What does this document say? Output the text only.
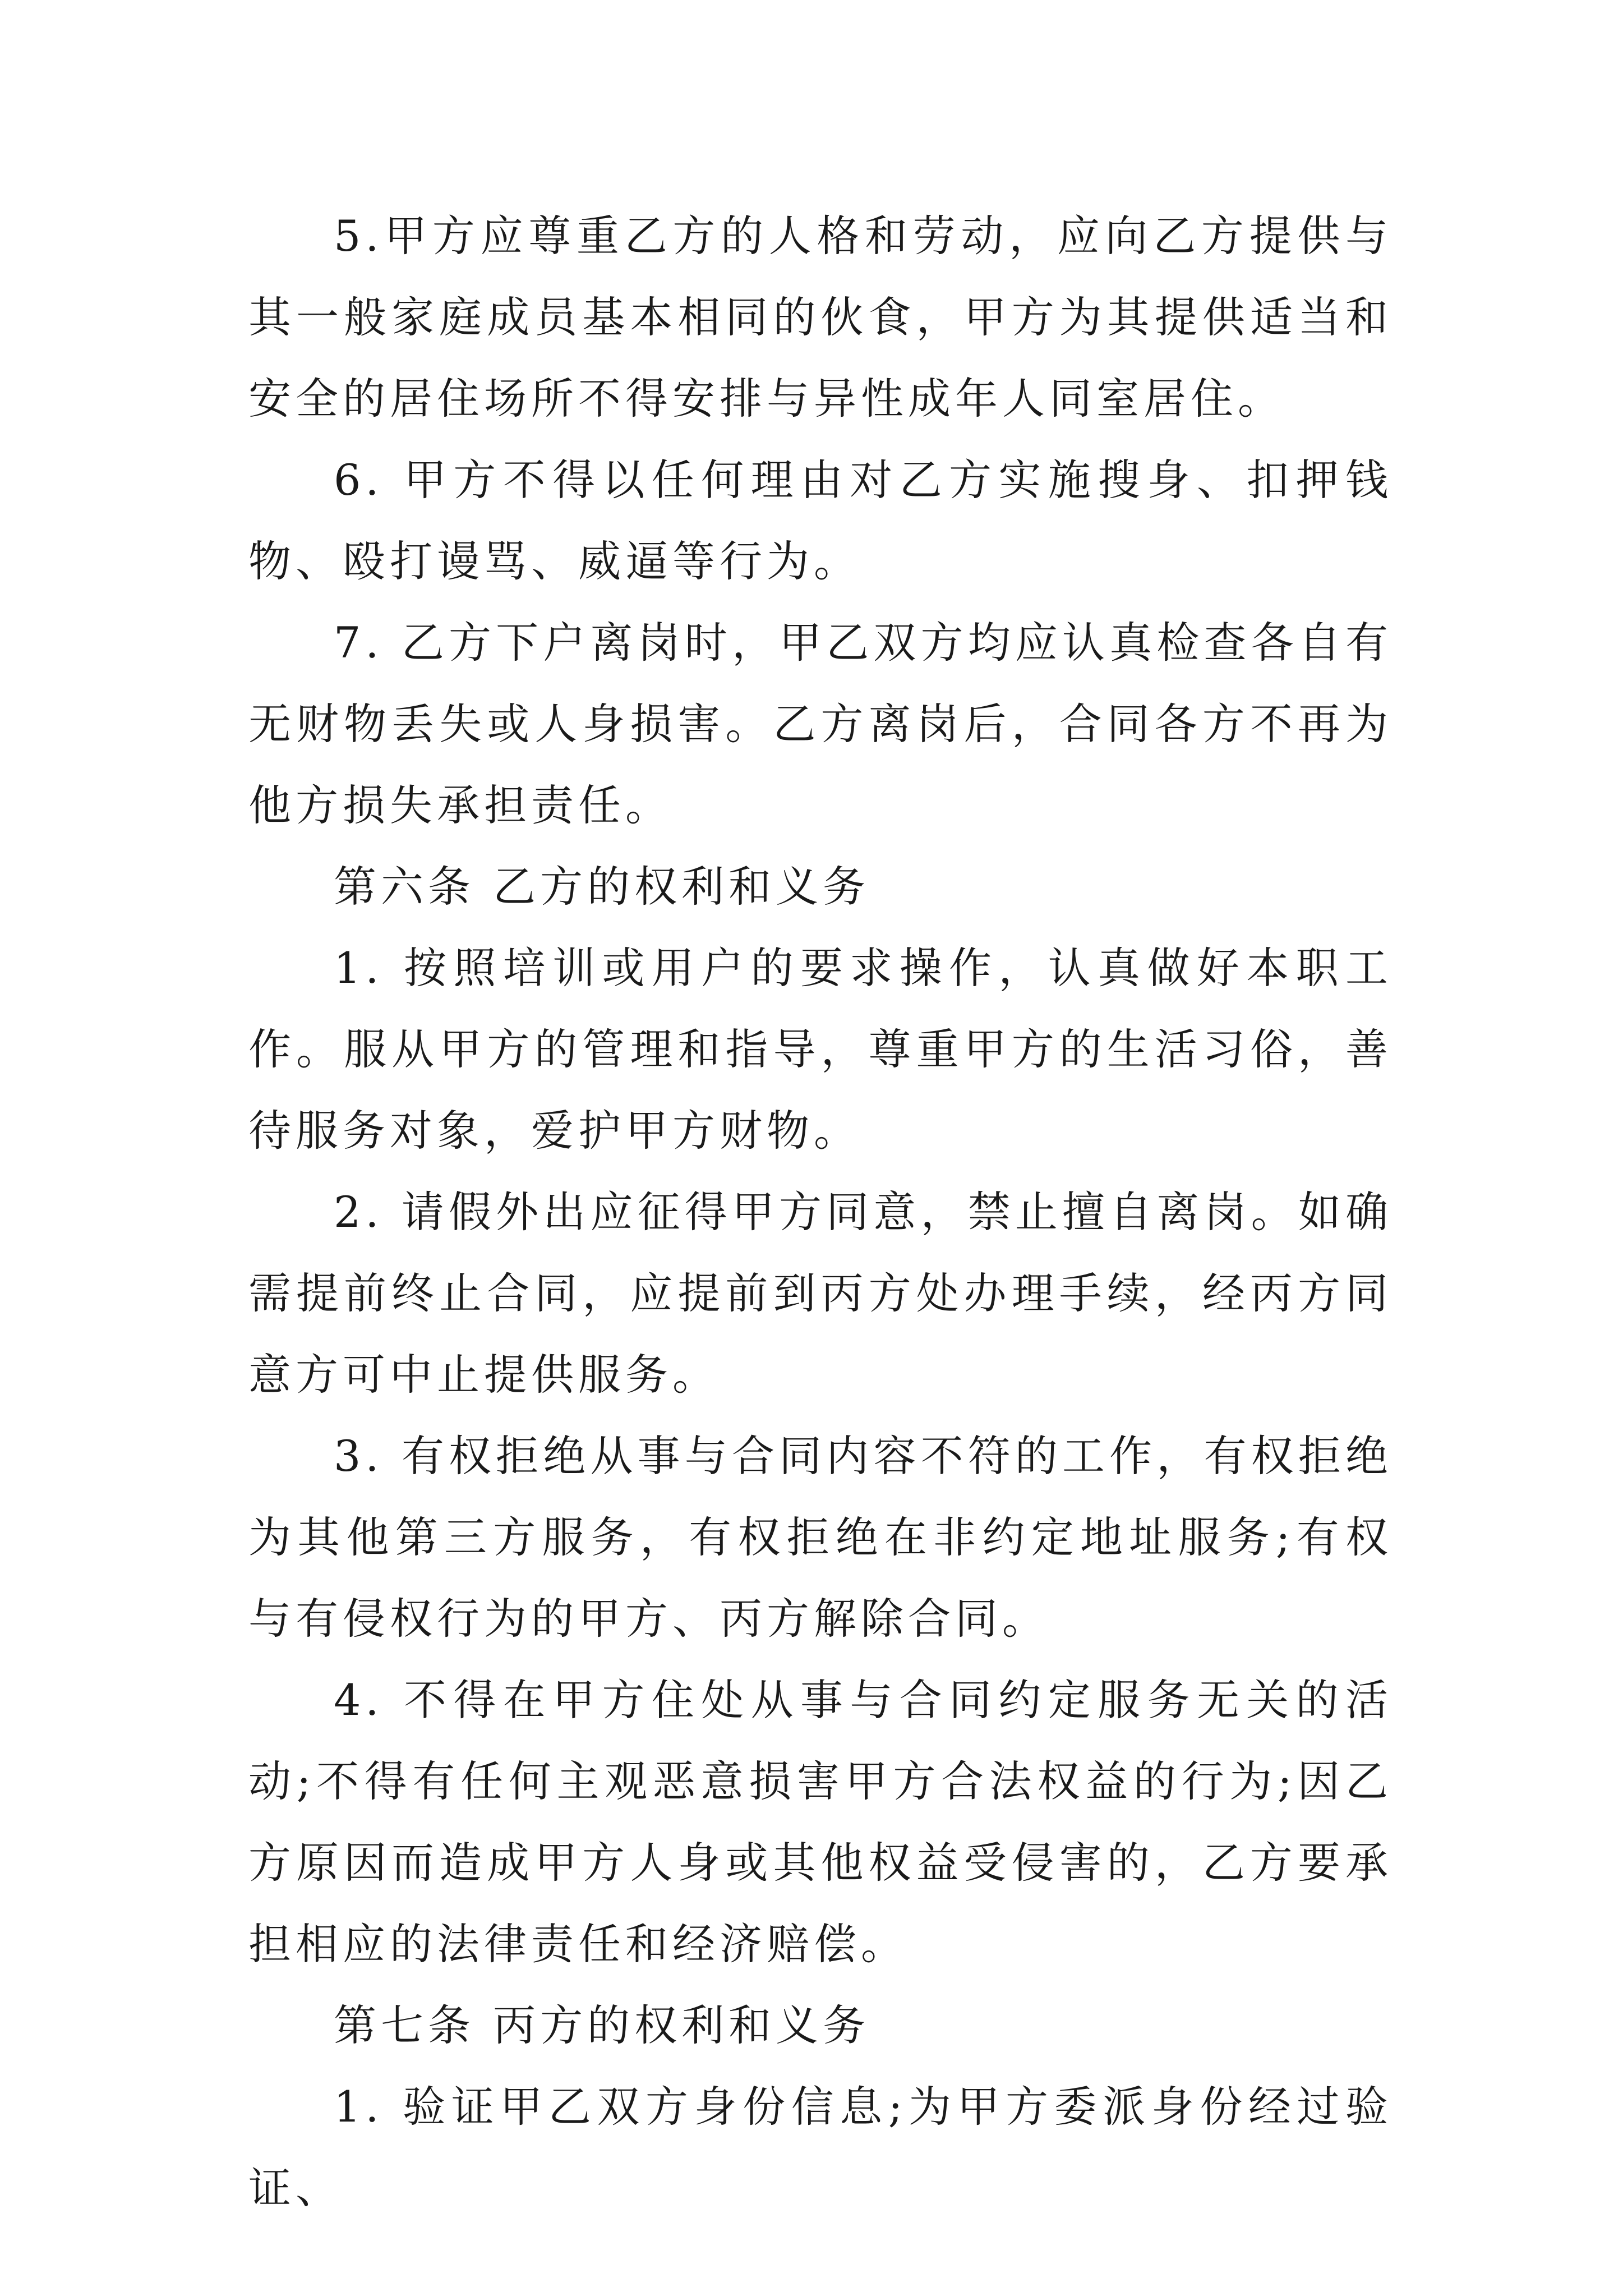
5.甲方应尊重乙方的人格和劳动，应向乙方提供与其一般家庭成员基本相同的伙食，甲方为其提供适当和安全的居住场所不得安排与异性成年人同室居住。

6. 甲方不得以任何理由对乙方实施搜身、扣押钱物、殴打谩骂、威逼等行为。

7. 乙方下户离岗时，甲乙双方均应认真检查各自有无财物丢失或人身损害。乙方离岗后，合同各方不再为他方损失承担责任。

第六条 乙方的权利和义务

1. 按照培训或用户的要求操作，认真做好本职工作。服从甲方的管理和指导，尊重甲方的生活习俗，善待服务对象，爱护甲方财物。

2. 请假外出应征得甲方同意，禁止擅自离岗。如确需提前终止合同，应提前到丙方处办理手续，经丙方同意方可中止提供服务。

3. 有权拒绝从事与合同内容不符的工作，有权拒绝为其他第三方服务，有权拒绝在非约定地址服务;有权与有侵权行为的甲方、丙方解除合同。

4. 不得在甲方住处从事与合同约定服务无关的活动;不得有任何主观恶意损害甲方合法权益的行为;因乙方原因而造成甲方人身或其他权益受侵害的，乙方要承担相应的法律责任和经济赔偿。

第七条 丙方的权利和义务

1. 验证甲乙双方身份信息;为甲方委派身份经过验证、
